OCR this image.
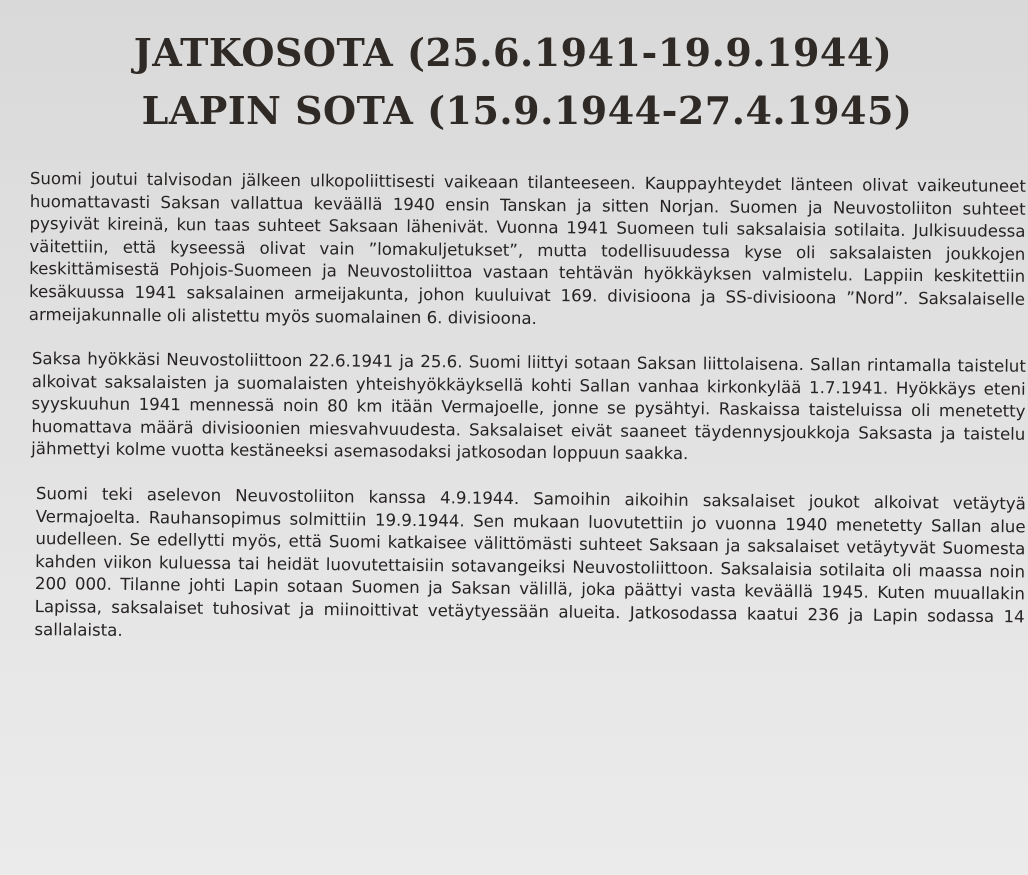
JATKOSOTA (25.6.1941-19.9.1944)
LAPIN SOTA (15.9.1944-27.4.1945)

Suomi joutui talvisodan jälkeen ulkopoliittisesti vaikeaan tilanteeseen. Kauppayhteydet länteen olivat vaikeutuneet huomattavasti Saksan vallattua keväällä 1940 ensin Tanskan ja sitten Norjan. Suomen ja Neuvostoliiton suhteet pysyivät kireinä, kun taas suhteet Saksaan lähenivät. Vuonna 1941 Suomeen tuli saksalaisia sotilaita. Julkisuudessa väitettiin, että kyseessä olivat vain ”lomakuljetukset”, mutta todellisuudessa kyse oli saksalaisten joukkojen keskittämisestä Pohjois-Suomeen ja Neuvostoliittoa vastaan tehtävän hyökkäyksen valmistelu. Lappiin keskitettiin kesäkuussa 1941 saksalainen armeijakunta, johon kuuluivat 169. divisioona ja SS-divisioona ”Nord”. Saksalaiselle armeijakunnalle oli alistettu myös suomalainen 6. divisioona.

Saksa hyökkäsi Neuvostoliittoon 22.6.1941 ja 25.6. Suomi liittyi sotaan Saksan liittolaisena. Sallan rintamalla taistelut alkoivat saksalaisten ja suomalaisten yhteishyökkäyksellä kohti Sallan vanhaa kirkonkylää 1.7.1941. Hyökkäys eteni syyskuuhun 1941 mennessä noin 80 km itään Vermajoelle, jonne se pysähtyi. Raskaissa taisteluissa oli menetetty huomattava määrä divisioonien miesvahvuudesta. Saksalaiset eivät saaneet täydennysjoukkoja Saksasta ja taistelu jähmettyi kolme vuotta kestäneeksi asemasodaksi jatkosodan loppuun saakka.

Suomi teki aselevon Neuvostoliiton kanssa 4.9.1944. Samoihin aikoihin saksalaiset joukot alkoivat vetäytyä Vermajoelta. Rauhansopimus solmittiin 19.9.1944. Sen mukaan luovutettiin jo vuonna 1940 menetetty Sallan alue uudelleen. Se edellytti myös, että Suomi katkaisee välittömästi suhteet Saksaan ja saksalaiset vetäytyvät Suomesta kahden viikon kuluessa tai heidät luovutettaisiin sotavangeiksi Neuvostoliittoon. Saksalaisia sotilaita oli maassa noin 200 000. Tilanne johti Lapin sotaan Suomen ja Saksan välillä, joka päättyi vasta keväällä 1945. Kuten muuallakin Lapissa, saksalaiset tuhosivat ja miinoittivat vetäytyessään alueita. Jatkosodassa kaatui 236 ja Lapin sodassa 14 sallalaista.
